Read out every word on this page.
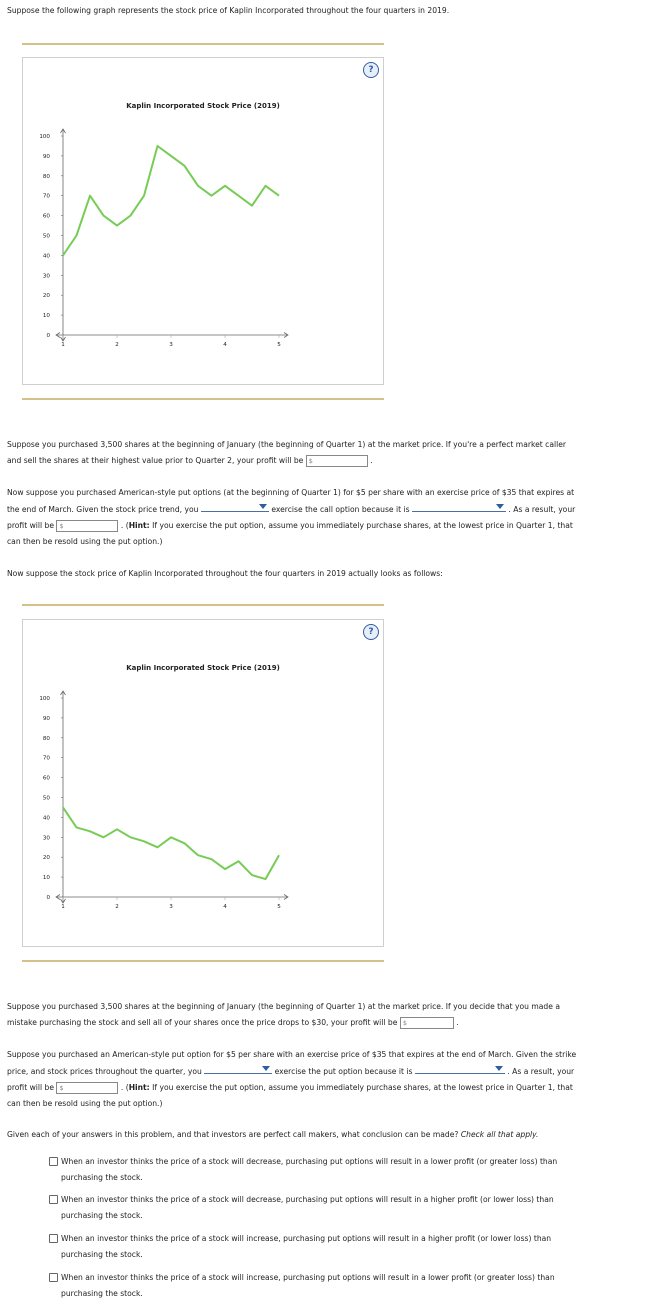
Suppose the following graph represents the stock price of Kaplin Incorporated throughout the four quarters in 2019.

?
Kaplin Incorporated Stock Price (2019)
100
90
80
70
60
50
40
30
20
10
0
1	2	3	4	5
Suppose you purchased 3,500 shares at the beginning of January (the beginning of Quarter 1) at the market price. If you're a perfect market caller
and sell the shares at their highest value prior to Quarter 2, your profit will be $	.
Now suppose you purchased American-style put options (at the beginning of Quarter 1) for $5 per share with an exercise price of $35 that expires at
the end of March. Given the stock price trend, you	exercise the call option because it is	. As a result, your
profit will be $	. (Hint: If you exercise the put option, assume you immediately purchase shares, at the lowest price in Quarter 1, that
can then be resold using the put option.)

Now suppose the stock price of Kaplin Incorporated throughout the four quarters in 2019 actually looks as follows:

?
Kaplin Incorporated Stock Price (2019)
100
90
80
70
60
50
40
30
20
10
0
1	2	3	4	5
Suppose you purchased 3,500 shares at the beginning of January (the beginning of Quarter 1) at the market price. If you decide that you made a
mistake purchasing the stock and sell all of your shares once the price drops to $30, your profit will be $	.
Suppose you purchased an American-style put option for $5 per share with an exercise price of $35 that expires at the end of March. Given the strike
price, and stock prices throughout the quarter, you	exercise the put option because it is	. As a result, your
profit will be $	. (Hint: If you exercise the put option, assume you immediately purchase shares, at the lowest price in Quarter 1, that
can then be resold using the put option.)

Given each of your answers in this problem, and that investors are perfect call makers, what conclusion can be made? Check all that apply.

When an investor thinks the price of a stock will decrease, purchasing put options will result in a lower profit (or greater loss) than
purchasing the stock.
When an investor thinks the price of a stock will decrease, purchasing put options will result in a higher profit (or lower loss) than
purchasing the stock.
When an investor thinks the price of a stock will increase, purchasing put options will result in a higher profit (or lower loss) than
purchasing the stock.
When an investor thinks the price of a stock will increase, purchasing put options will result in a lower profit (or greater loss) than
purchasing the stock.
